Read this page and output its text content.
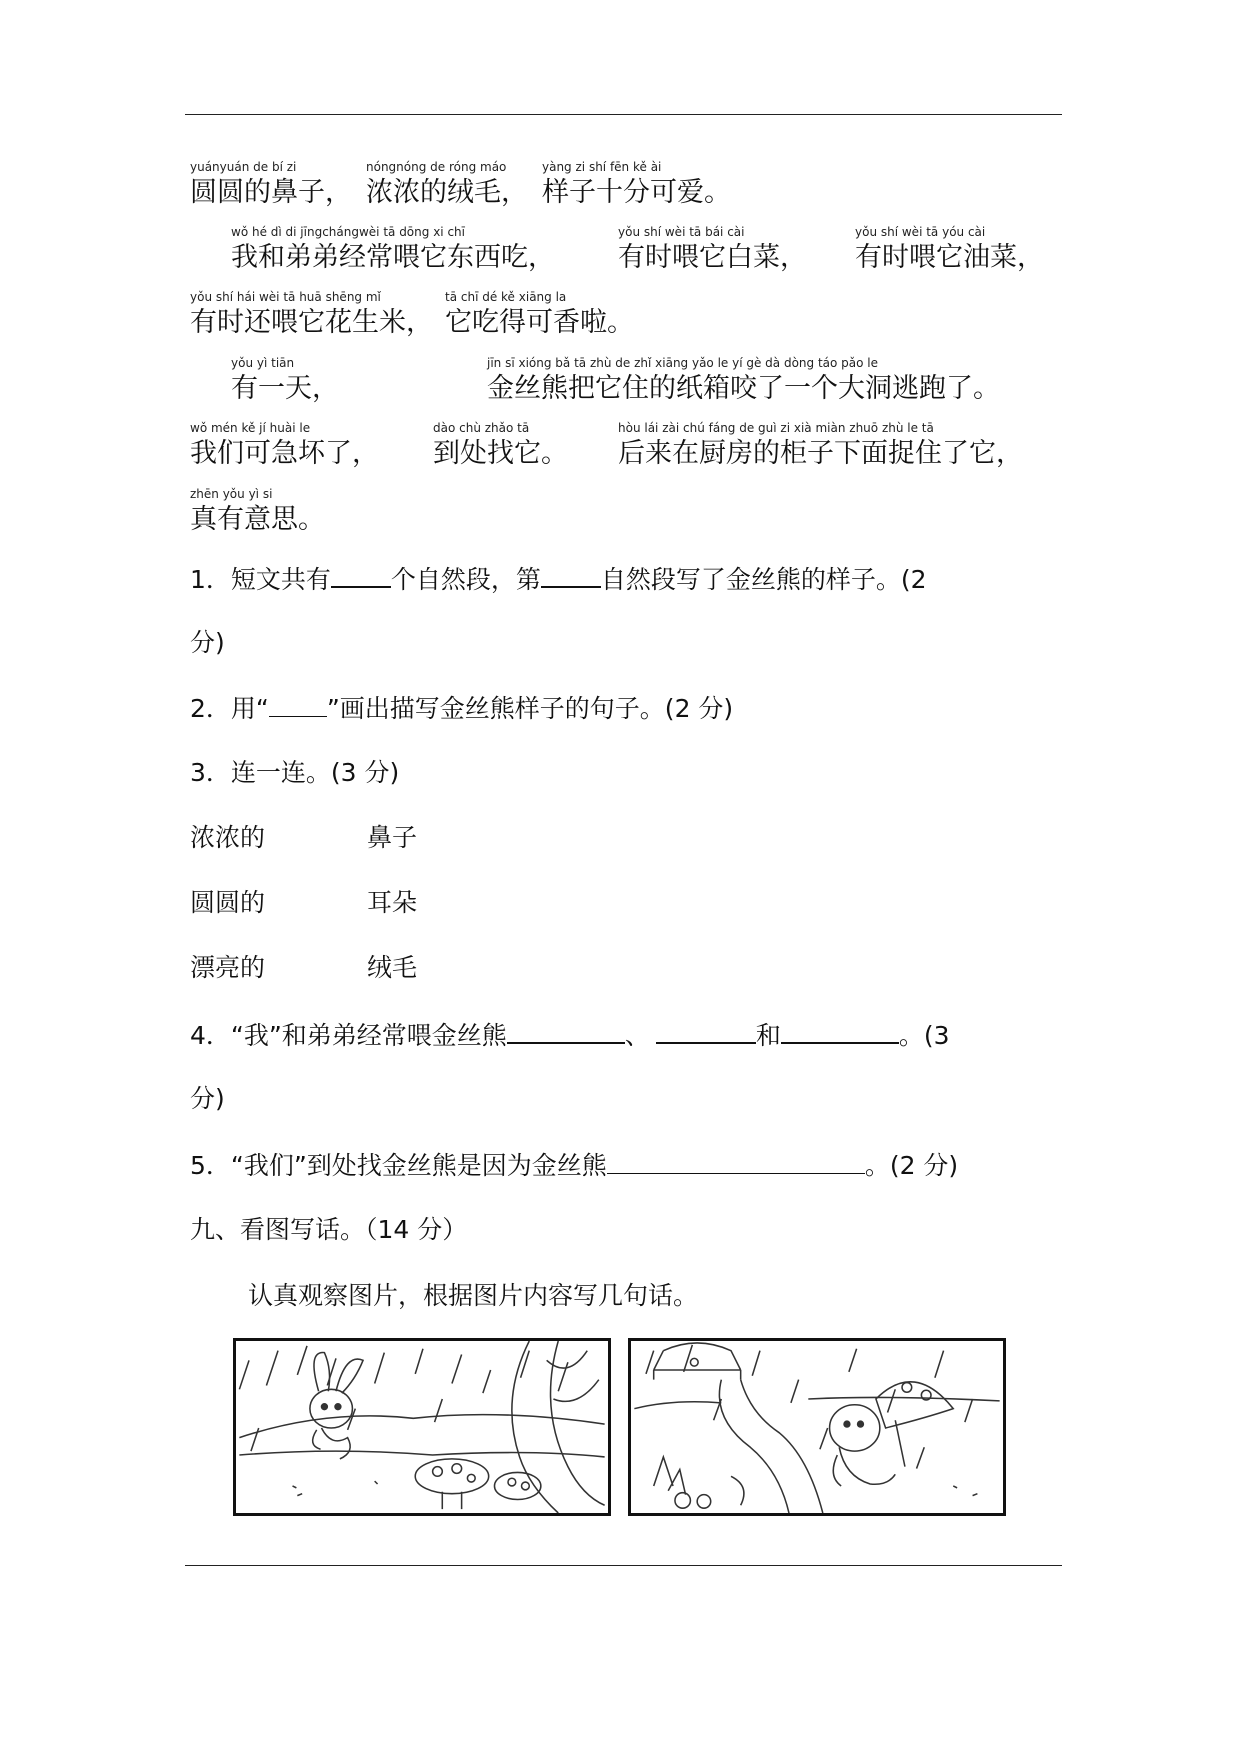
yuányuán de bí zi
圆圆的鼻子，
nóngnóng de róng máo
浓浓的绒毛，
yàng zi shí fēn kě ài
样子十分可爱。
wǒ hé dì di jīngchángwèi tā dōng xi chī
我和弟弟经常喂它东西吃，
yǒu shí wèi tā bái cài
有时喂它白菜，
yǒu shí wèi tā yóu cài
有时喂它油菜，
yǒu shí hái wèi tā huā shēng mǐ
有时还喂它花生米，
tā chī dé kě xiāng la
它吃得可香啦。
yǒu yì tiān
有一天，
jīn sī xióng bǎ tā zhù de zhǐ xiāng yǎo le yí gè dà dòng táo pǎo le
金丝熊把它住的纸箱咬了一个大洞逃跑了。
wǒ mén kě jí huài le
我们可急坏了，
dào chù zhǎo tā
到处找它。
hòu lái zài chú fáng de guì zi xià miàn zhuō zhù le tā
后来在厨房的柜子下面捉住了它，
zhēn yǒu yì si
真有意思。
1．短文共有 个自然段，第 自然段写了金丝熊的样子。(2
分)
2．用“ ”画出描写金丝熊样子的句子。(2 分)
3．连一连。(3 分)
浓浓的	鼻子
圆圆的	耳朵
漂亮的	绒毛
4．“我”和弟弟经常喂金丝熊	、	和	。(3
分)
5．“我们”到处找金丝熊是因为金丝熊	。(2 分)
九、看图写话。（14 分）
认真观察图片，根据图片内容写几句话。
